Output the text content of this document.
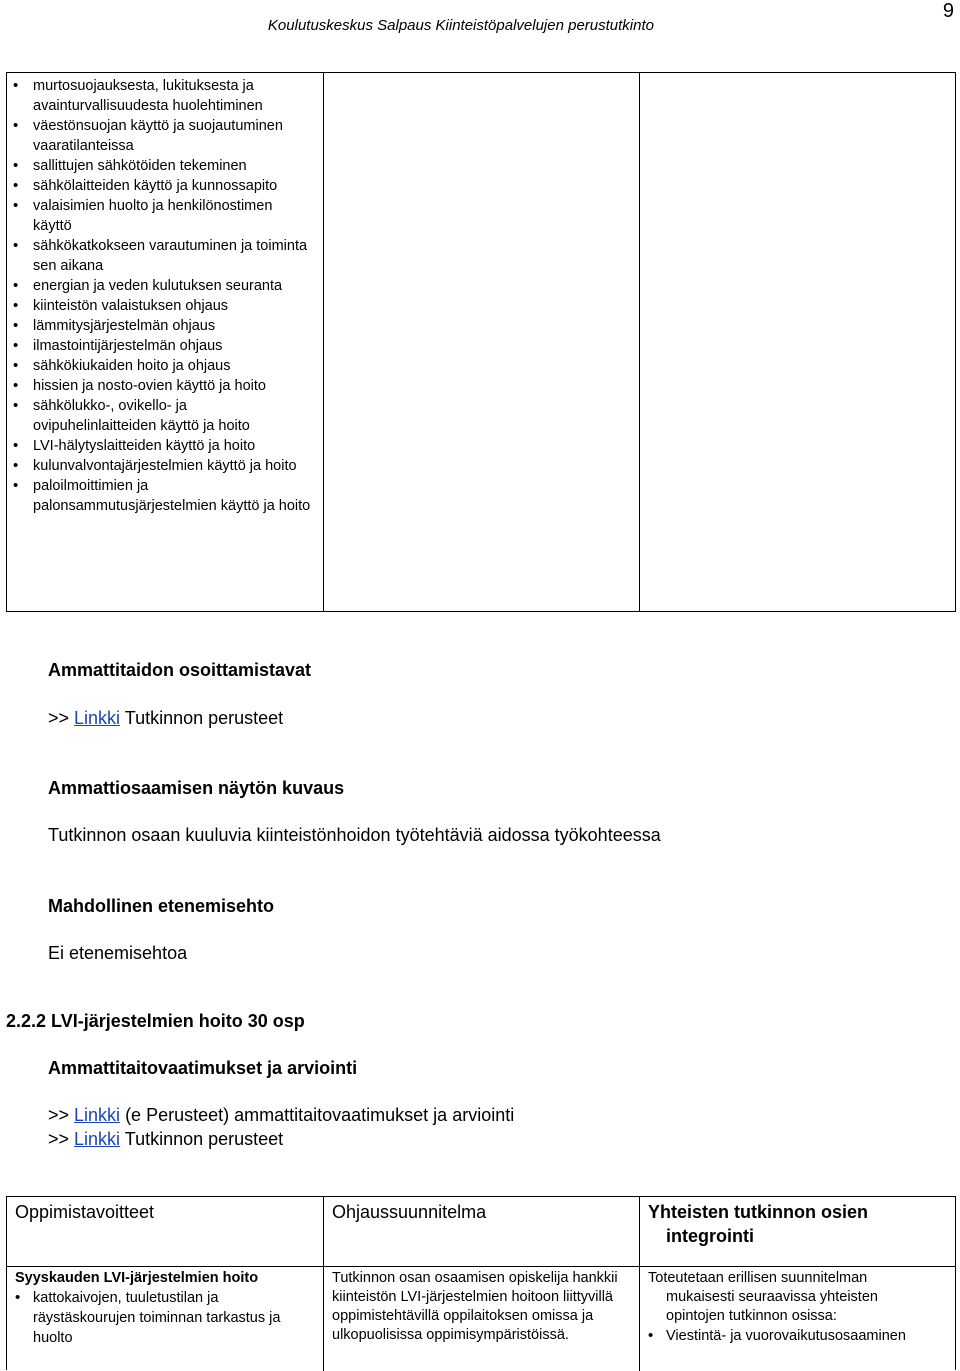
9
Koulutuskeskus Salpaus Kiinteistöpalvelujen perustutkinto
• murtosuojauksesta, lukituksesta ja avainturvallisuudesta huolehtiminen
• väestönsuojan käyttö ja suojautuminen vaaratilanteissa
• sallittujen sähkötöiden tekeminen
• sähkölaitteiden käyttö ja kunnossapito
• valaisimien huolto ja henkilönostimen käyttö
• sähkökatkokseen varautuminen ja toiminta sen aikana
• energian ja veden kulutuksen seuranta
• kiinteistön valaistuksen ohjaus
• lämmitysjärjestelmän ohjaus
• ilmastointijärjestelmän ohjaus
• sähkökiukaiden hoito ja ohjaus
• hissien ja nosto-ovien käyttö ja hoito
• sähkölukko-, ovikello- ja ovipuhelinlaitteiden käyttö ja hoito
• LVI-hälytyslaitteiden käyttö ja hoito
• kulunvalvontajärjestelmien käyttö ja hoito
• paloilmoittimien ja palonsammutusjärjestelmien käyttö ja hoito
Ammattitaidon osoittamistavat
>> Linkki Tutkinnon perusteet
Ammattiosaamisen näytön kuvaus
Tutkinnon osaan kuuluvia kiinteistönhoidon työtehtäviä aidossa työkohteessa
Mahdollinen etenemisehto
Ei etenemisehtoa
2.2.2 LVI-järjestelmien hoito 30 osp
Ammattitaitovaatimukset ja arviointi
>> Linkki (e Perusteet) ammattitaitovaatimukset ja arviointi
>> Linkki Tutkinnon perusteet
Oppimistavoitteet	Ohjaussuunnitelma	Yhteisten tutkinnon osien
integrointi
Syyskauden LVI-järjestelmien hoito
• kattokaivojen, tuuletustilan ja räystäskourujen toiminnan tarkastus ja huolto
Tutkinnon osan osaamisen opiskelija hankkii kiinteistön LVI-järjestelmien hoitoon liittyvillä oppimistehtävillä oppilaitoksen omissa ja ulkopuolisissa oppimisympäristöissä.
Toteutetaan erillisen suunnitelman
mukaisesti seuraavissa yhteisten
opintojen tutkinnon osissa:
• Viestintä- ja vuorovaikutusosaaminen
